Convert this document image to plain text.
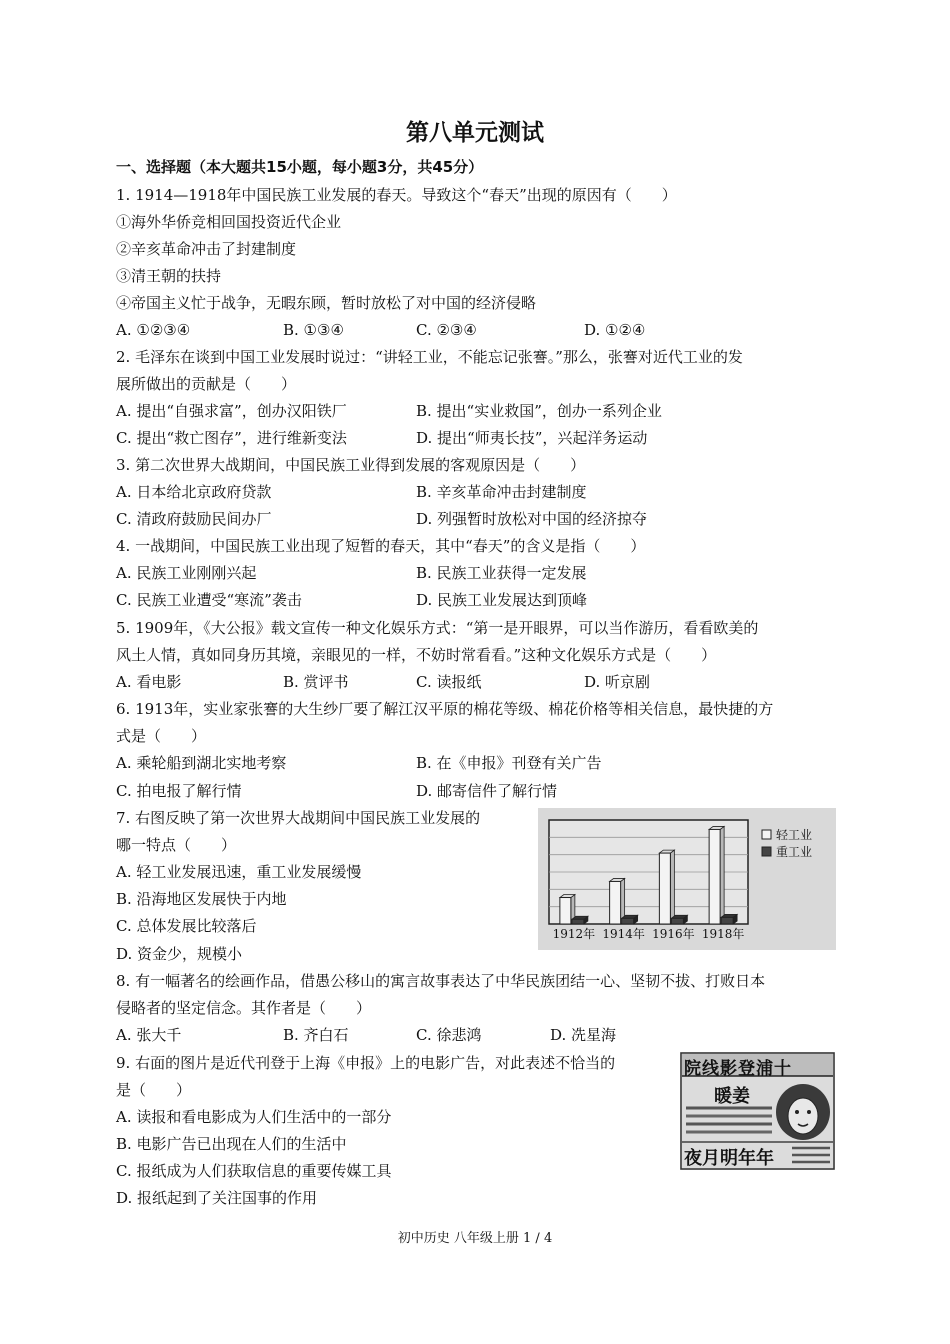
第八单元测试
一、选择题（本大题共15小题，每小题3分，共45分）
1. 1914—1918年中国民族工业发展的春天。导致这个“春天”出现的原因有（　　）
①海外华侨竞相回国投资近代企业
②辛亥革命冲击了封建制度
③清王朝的扶持
④帝国主义忙于战争，无暇东顾，暂时放松了对中国的经济侵略
A. ①②③④	B. ①③④	C. ②③④	D. ①②④
2. 毛泽东在谈到中国工业发展时说过：“讲轻工业，不能忘记张謇。”那么，张謇对近代工业的发
展所做出的贡献是（　　）
A. 提出“自强求富”，创办汉阳铁厂	B. 提出“实业救国”，创办一系列企业
C. 提出“救亡图存”，进行维新变法	D. 提出“师夷长技”，兴起洋务运动
3. 第二次世界大战期间，中国民族工业得到发展的客观原因是（　　）
A. 日本给北京政府贷款	B. 辛亥革命冲击封建制度
C. 清政府鼓励民间办厂	D. 列强暂时放松对中国的经济掠夺
4. 一战期间，中国民族工业出现了短暂的春天，其中“春天”的含义是指（　　）
A. 民族工业刚刚兴起	B. 民族工业获得一定发展
C. 民族工业遭受“寒流”袭击	D. 民族工业发展达到顶峰
5. 1909年，《大公报》载文宣传一种文化娱乐方式：“第一是开眼界，可以当作游历，看看欧美的
风土人情，真如同身历其境，亲眼见的一样，不妨时常看看。”这种文化娱乐方式是（　　）
A. 看电影	B. 赏评书	C. 读报纸	D. 听京剧
6. 1913年，实业家张謇的大生纱厂要了解江汉平原的棉花等级、棉花价格等相关信息，最快捷的方
式是（　　）
A. 乘轮船到湖北实地考察	B. 在《申报》刊登有关广告
C. 拍电报了解行情	D. 邮寄信件了解行情
7. 右图反映了第一次世界大战期间中国民族工业发展的
哪一特点（　　）
A. 轻工业发展迅速，重工业发展缓慢
B. 沿海地区发展快于内地
C. 总体发展比较落后
D. 资金少，规模小
1912年 1914年 1916年 1918年
轻工业
重工业
8. 有一幅著名的绘画作品，借愚公移山的寓言故事表达了中华民族团结一心、坚韧不拔、打败日本
侵略者的坚定信念。其作者是（　　）
A. 张大千	B. 齐白石	C. 徐悲鸿	D. 冼星海
9. 右面的图片是近代刊登于上海《申报》上的电影广告，对此表述不恰当的
是（　　）
A. 读报和看电影成为人们生活中的一部分
B. 电影广告已出现在人们的生活中
C. 报纸成为人们获取信息的重要传媒工具
D. 报纸起到了关注国事的作用
院线影登浦十
暖姜
夜月明年年
初中历史 八年级上册 1 / 4
